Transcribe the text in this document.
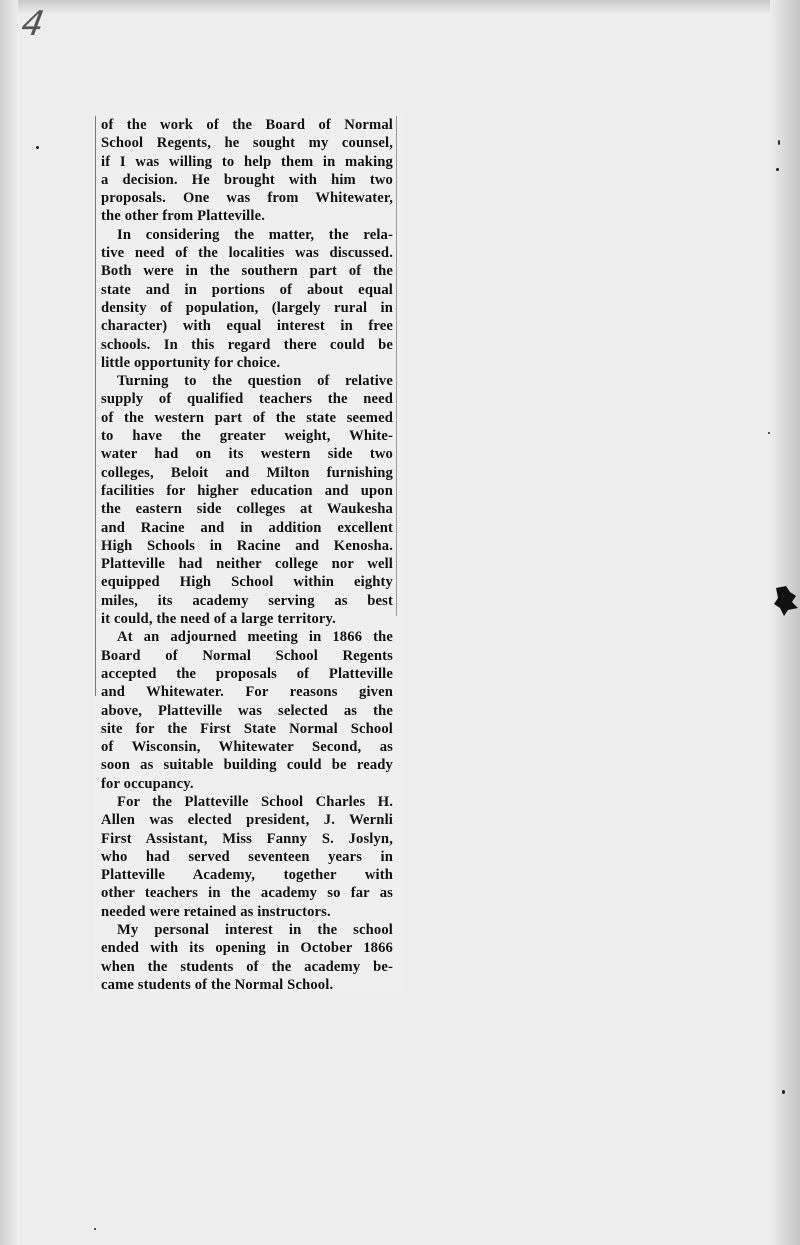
4
of the work of the Board of Normal
School Regents, he sought my counsel,
if I was willing to help them in making
a decision. He brought with him two
proposals. One was from Whitewater,
the other from Platteville.
In considering the matter, the rela-
tive need of the localities was discussed.
Both were in the southern part of the
state and in portions of about equal
density of population, (largely rural in
character) with equal interest in free
schools. In this regard there could be
little opportunity for choice.
Turning to the question of relative
supply of qualified teachers the need
of the western part of the state seemed
to have the greater weight, White-
water had on its western side two
colleges, Beloit and Milton furnishing
facilities for higher education and upon
the eastern side colleges at Waukesha
and Racine and in addition excellent
High Schools in Racine and Kenosha.
Platteville had neither college nor well
equipped High School within eighty
miles, its academy serving as best
it could, the need of a large territory.
At an adjourned meeting in 1866 the
Board of Normal School Regents
accepted the proposals of Platteville
and Whitewater. For reasons given
above, Platteville was selected as the
site for the First State Normal School
of Wisconsin, Whitewater Second, as
soon as suitable building could be ready
for occupancy.
For the Platteville School Charles H.
Allen was elected president, J. Wernli
First Assistant, Miss Fanny S. Joslyn,
who had served seventeen years in
Platteville Academy, together with
other teachers in the academy so far as
needed were retained as instructors.
My personal interest in the school
ended with its opening in October 1866
when the students of the academy be-
came students of the Normal School.
